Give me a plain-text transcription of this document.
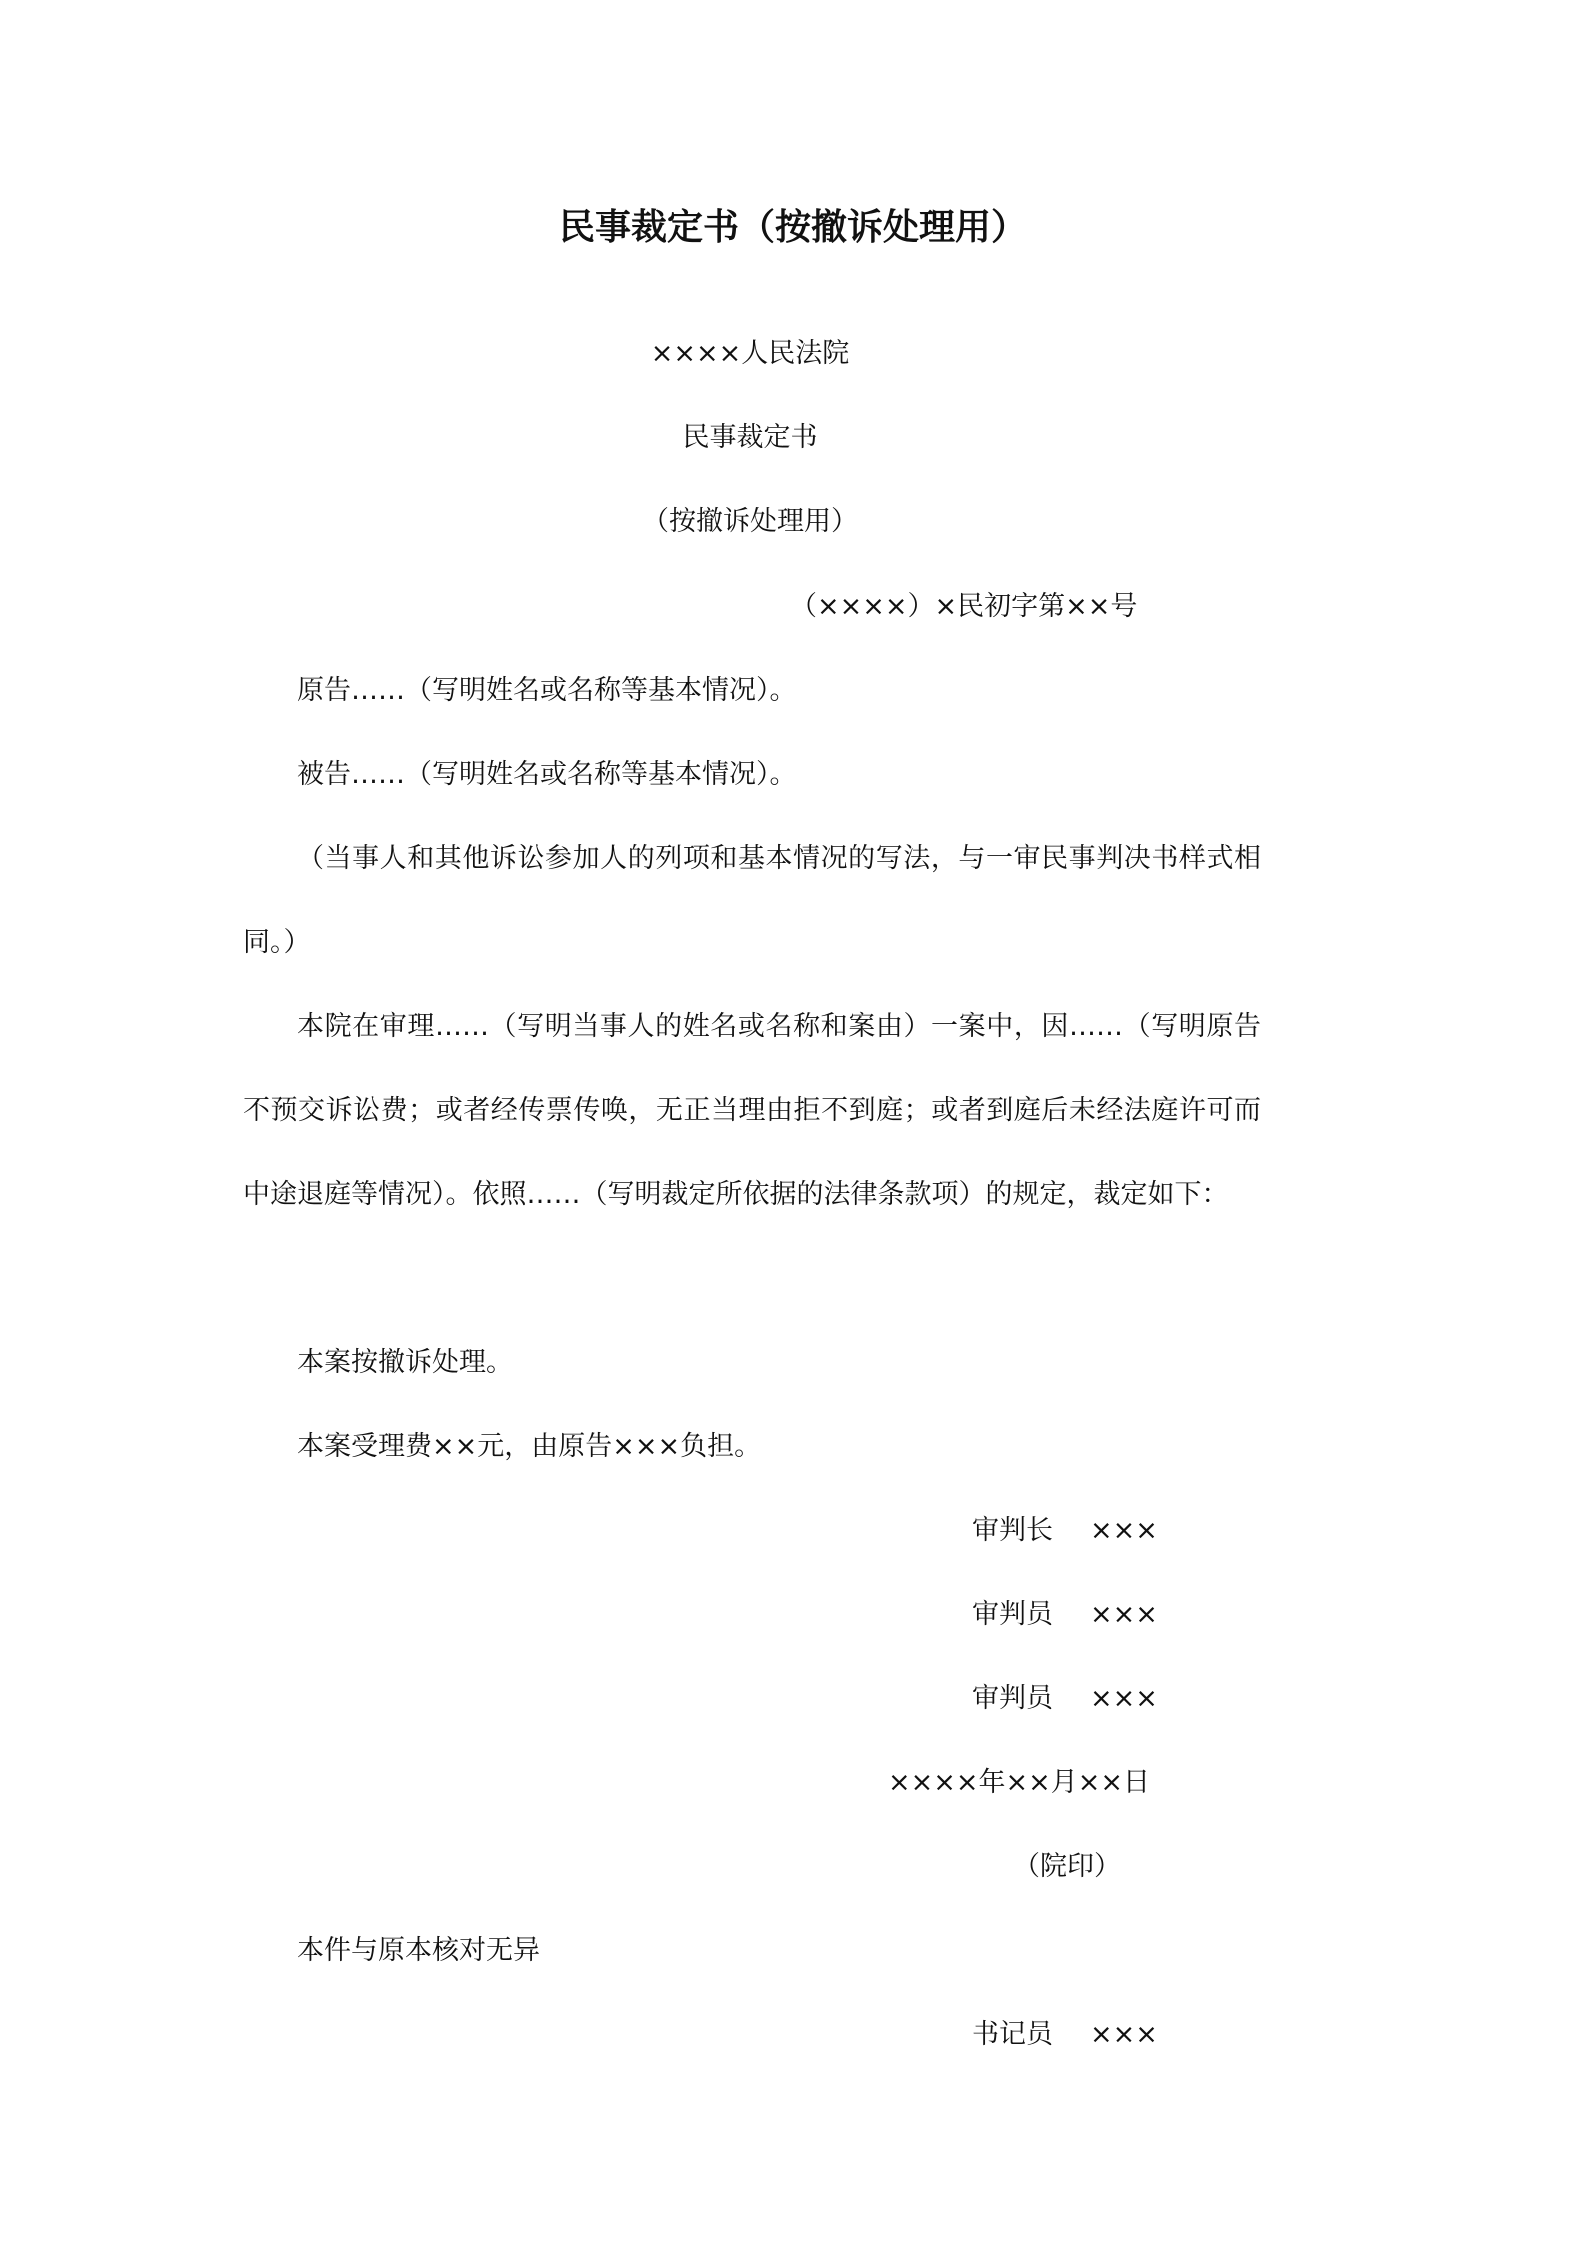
民事裁定书（按撤诉处理用）
××××人民法院
民事裁定书
（按撤诉处理用）
（××××）×民初字第××号
原告……（写明姓名或名称等基本情况）。
被告……（写明姓名或名称等基本情况）。
（当事人和其他诉讼参加人的列项和基本情况的写法，与一审民事判决书样式相同。）
本院在审理……（写明当事人的姓名或名称和案由）一案中，因……（写明原告不预交诉讼费；或者经传票传唤，无正当理由拒不到庭；或者到庭后未经法庭许可而中途退庭等情况）。依照……（写明裁定所依据的法律条款项）的规定，裁定如下：
本案按撤诉处理。
本案受理费××元，由原告×××负担。
审判长 ×××
审判员 ×××
审判员 ×××
××××年××月××日
（院印）
本件与原本核对无异
书记员 ×××
